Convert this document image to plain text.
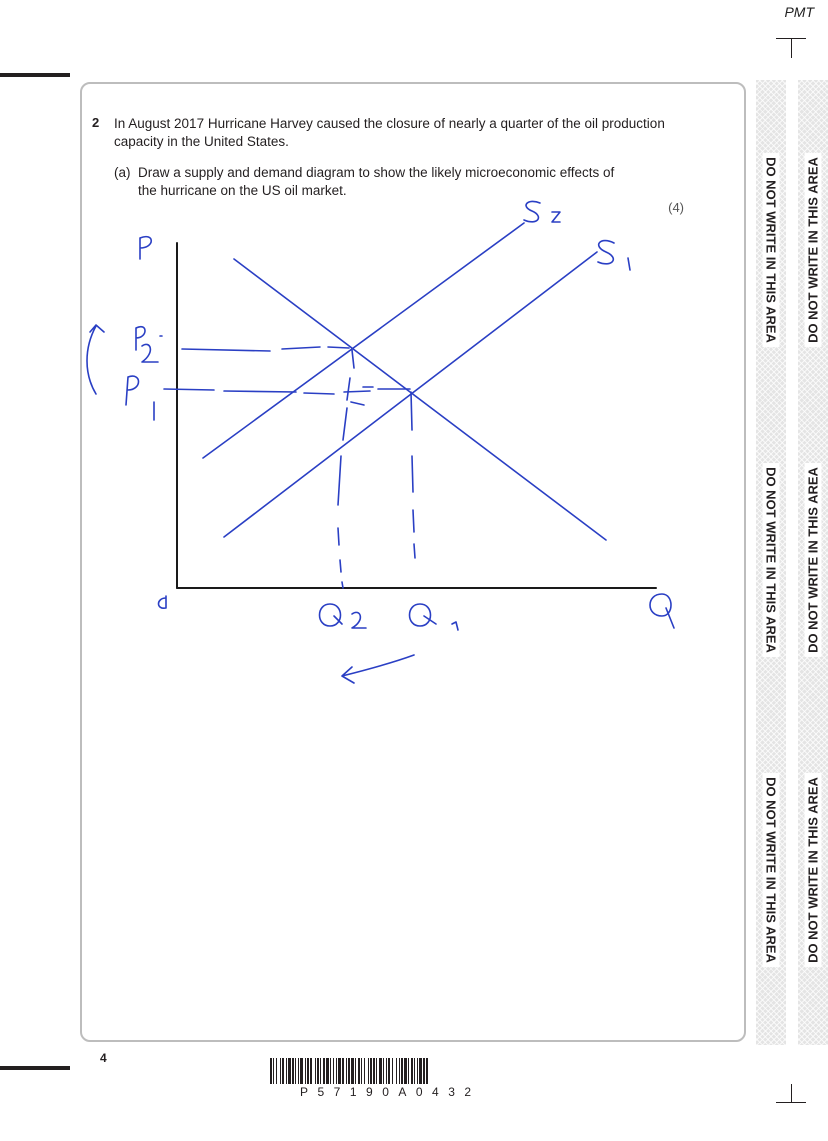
PMT
DO NOT WRITE IN THIS AREA
DO NOT WRITE IN THIS AREA
DO NOT WRITE IN THIS AREA
DO NOT WRITE IN THIS AREA
DO NOT WRITE IN THIS AREA
DO NOT WRITE IN THIS AREA
2 In August 2017 Hurricane Harvey caused the closure of nearly a quarter of the oil production capacity in the United States.
(a) Draw a supply and demand diagram to show the likely microeconomic effects of
the hurricane on the US oil market.
(4)
4
P57190A0432
